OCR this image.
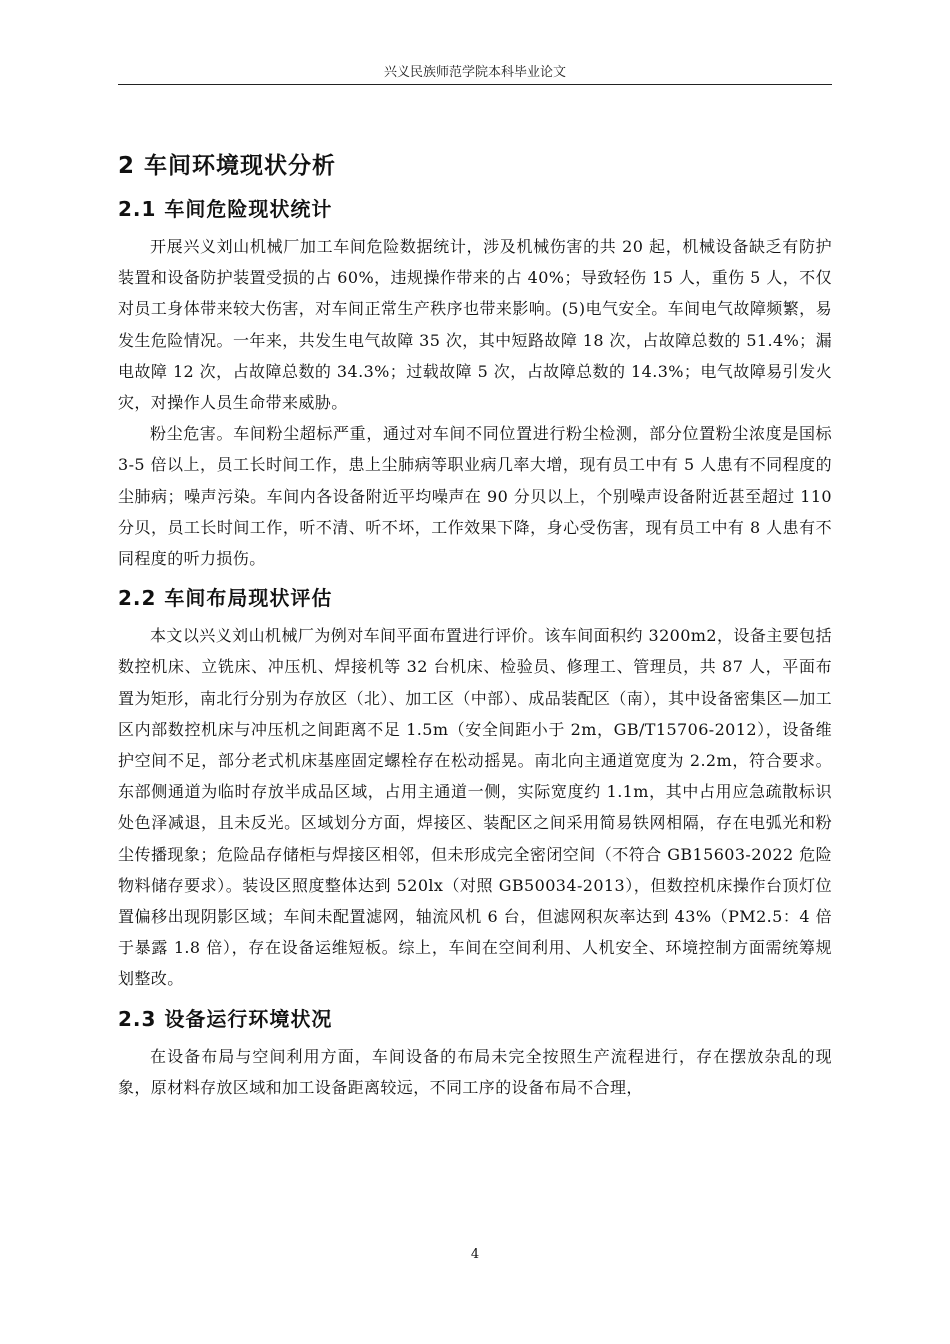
兴义民族师范学院本科毕业论文
2 车间环境现状分析
2.1 车间危险现状统计

开展兴义刘山机械厂加工车间危险数据统计，涉及机械伤害的共 20 起，机械设备缺乏有防护装置和设备防护装置受损的占 60%，违规操作带来的占 40%；导致轻伤 15 人，重伤 5 人，不仅对员工身体带来较大伤害，对车间正常生产秩序也带来影响。(5)电气安全。车间电气故障频繁，易发生危险情况。一年来，共发生电气故障 35 次，其中短路故障 18 次，占故障总数的 51.4%；漏电故障 12 次，占故障总数的 34.3%；过载故障 5 次，占故障总数的 14.3%；电气故障易引发火灾，对操作人员生命带来威胁。

粉尘危害。车间粉尘超标严重，通过对车间不同位置进行粉尘检测，部分位置粉尘浓度是国标 3-5 倍以上，员工长时间工作，患上尘肺病等职业病几率大增，现有员工中有 5 人患有不同程度的尘肺病；噪声污染。车间内各设备附近平均噪声在 90 分贝以上，个别噪声设备附近甚至超过 110 分贝，员工长时间工作，听不清、听不坏，工作效果下降，身心受伤害，现有员工中有 8 人患有不同程度的听力损伤。

2.2 车间布局现状评估

本文以兴义刘山机械厂为例对车间平面布置进行评价。该车间面积约 3200m2，设备主要包括数控机床、立铣床、冲压机、焊接机等 32 台机床、检验员、修理工、管理员，共 87 人，平面布置为矩形，南北行分别为存放区（北）、加工区（中部）、成品装配区（南），其中设备密集区—加工区内部数控机床与冲压机之间距离不足 1.5m（安全间距小于 2m，GB/T15706-2012），设备维护空间不足，部分老式机床基座固定螺栓存在松动摇晃。南北向主通道宽度为 2.2m，符合要求。东部侧通道为临时存放半成品区域，占用主通道一侧，实际宽度约 1.1m，其中占用应急疏散标识处色泽减退，且未反光。区域划分方面，焊接区、装配区之间采用简易铁网相隔，存在电弧光和粉尘传播现象；危险品存储柜与焊接区相邻，但未形成完全密闭空间（不符合 GB15603-2022 危险物料储存要求）。装设区照度整体达到 520lx（对照 GB50034-2013），但数控机床操作台顶灯位置偏移出现阴影区域；车间未配置滤网，轴流风机 6 台，但滤网积灰率达到 43%（PM2.5：4 倍于暴露 1.8 倍），存在设备运维短板。综上，车间在空间利用、人机安全、环境控制方面需统筹规划整改。

2.3 设备运行环境状况

在设备布局与空间利用方面，车间设备的布局未完全按照生产流程进行，存在摆放杂乱的现象，原材料存放区域和加工设备距离较远，不同工序的设备布局不合理，

4
